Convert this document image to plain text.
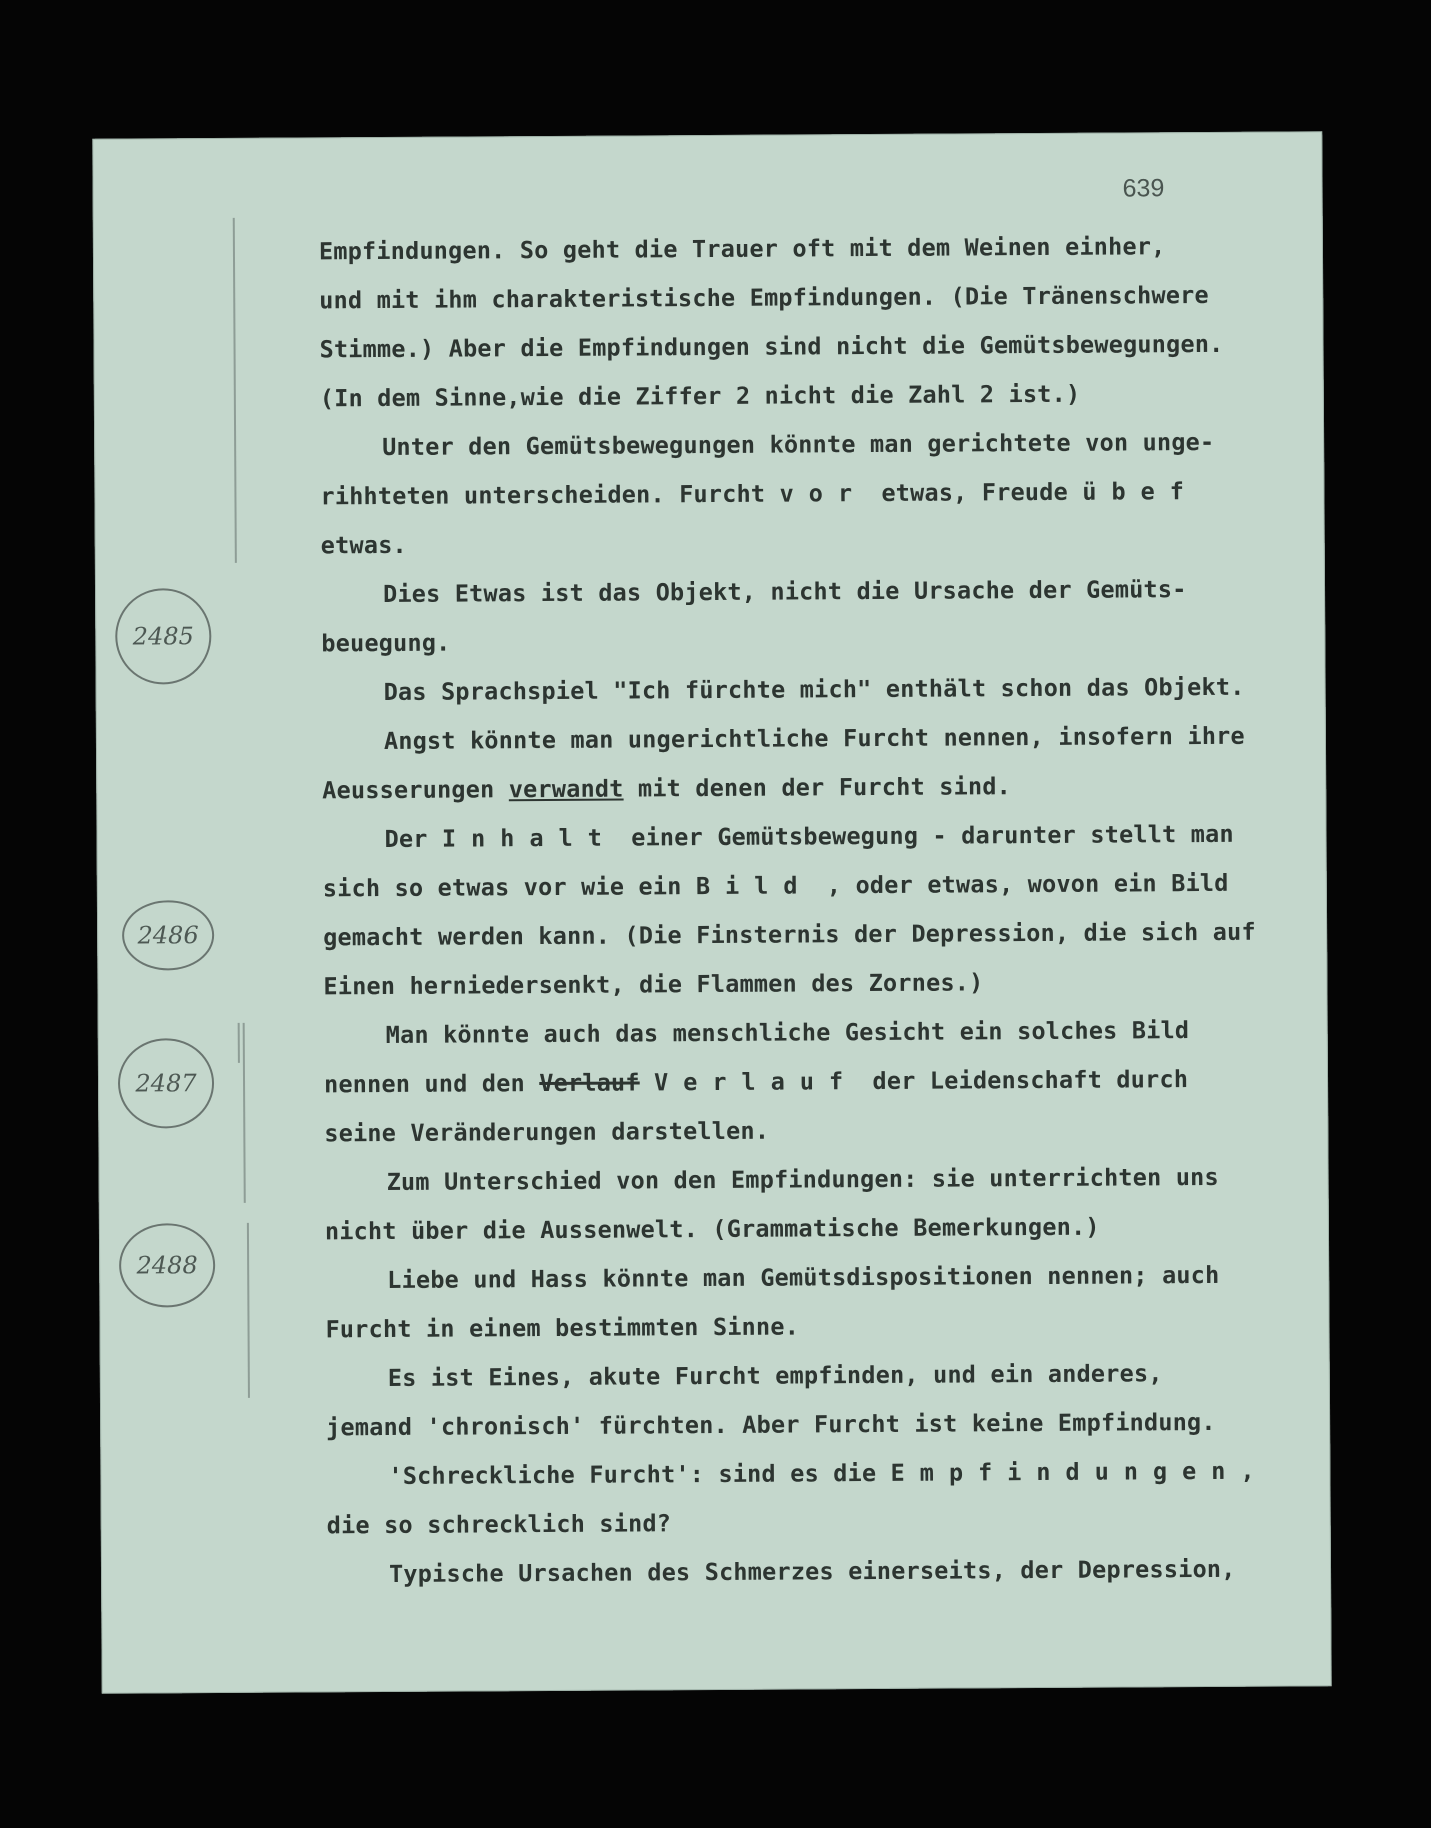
639
2485
2486
2487
2488
Empfindungen. So geht die Trauer oft mit dem Weinen einher,
und mit ihm charakteristische Empfindungen. (Die Tränenschwere
Stimme.) Aber die Empfindungen sind nicht die Gemütsbewegungen.
(In dem Sinne,wie die Ziffer 2 nicht die Zahl 2 ist.)
Unter den Gemütsbewegungen könnte man gerichtete von unge-
rihhteten unterscheiden. Furcht vor etwas, Freude übef
etwas.
Dies Etwas ist das Objekt, nicht die Ursache der Gemüts-
beuegung.
Das Sprachspiel "Ich fürchte mich" enthält schon das Objekt.
Angst könnte man ungerichtliche Furcht nennen, insofern ihre
Aeusserungen verwandt mit denen der Furcht sind.
Der Inhalt einer Gemütsbewegung - darunter stellt man
sich so etwas vor wie ein Bild , oder etwas, wovon ein Bild
gemacht werden kann. (Die Finsternis der Depression, die sich auf
Einen herniedersenkt, die Flammen des Zornes.)
Man könnte auch das menschliche Gesicht ein solches Bild
nennen und den Verlauf Verlauf der Leidenschaft durch
seine Veränderungen darstellen.
Zum Unterschied von den Empfindungen: sie unterrichten uns
nicht über die Aussenwelt. (Grammatische Bemerkungen.)
Liebe und Hass könnte man Gemütsdispositionen nennen; auch
Furcht in einem bestimmten Sinne.
Es ist Eines, akute Furcht empfinden, und ein anderes,
jemand 'chronisch' fürchten. Aber Furcht ist keine Empfindung.
'Schreckliche Furcht': sind es die Empfindungen,
die so schrecklich sind?
Typische Ursachen des Schmerzes einerseits, der Depression,
